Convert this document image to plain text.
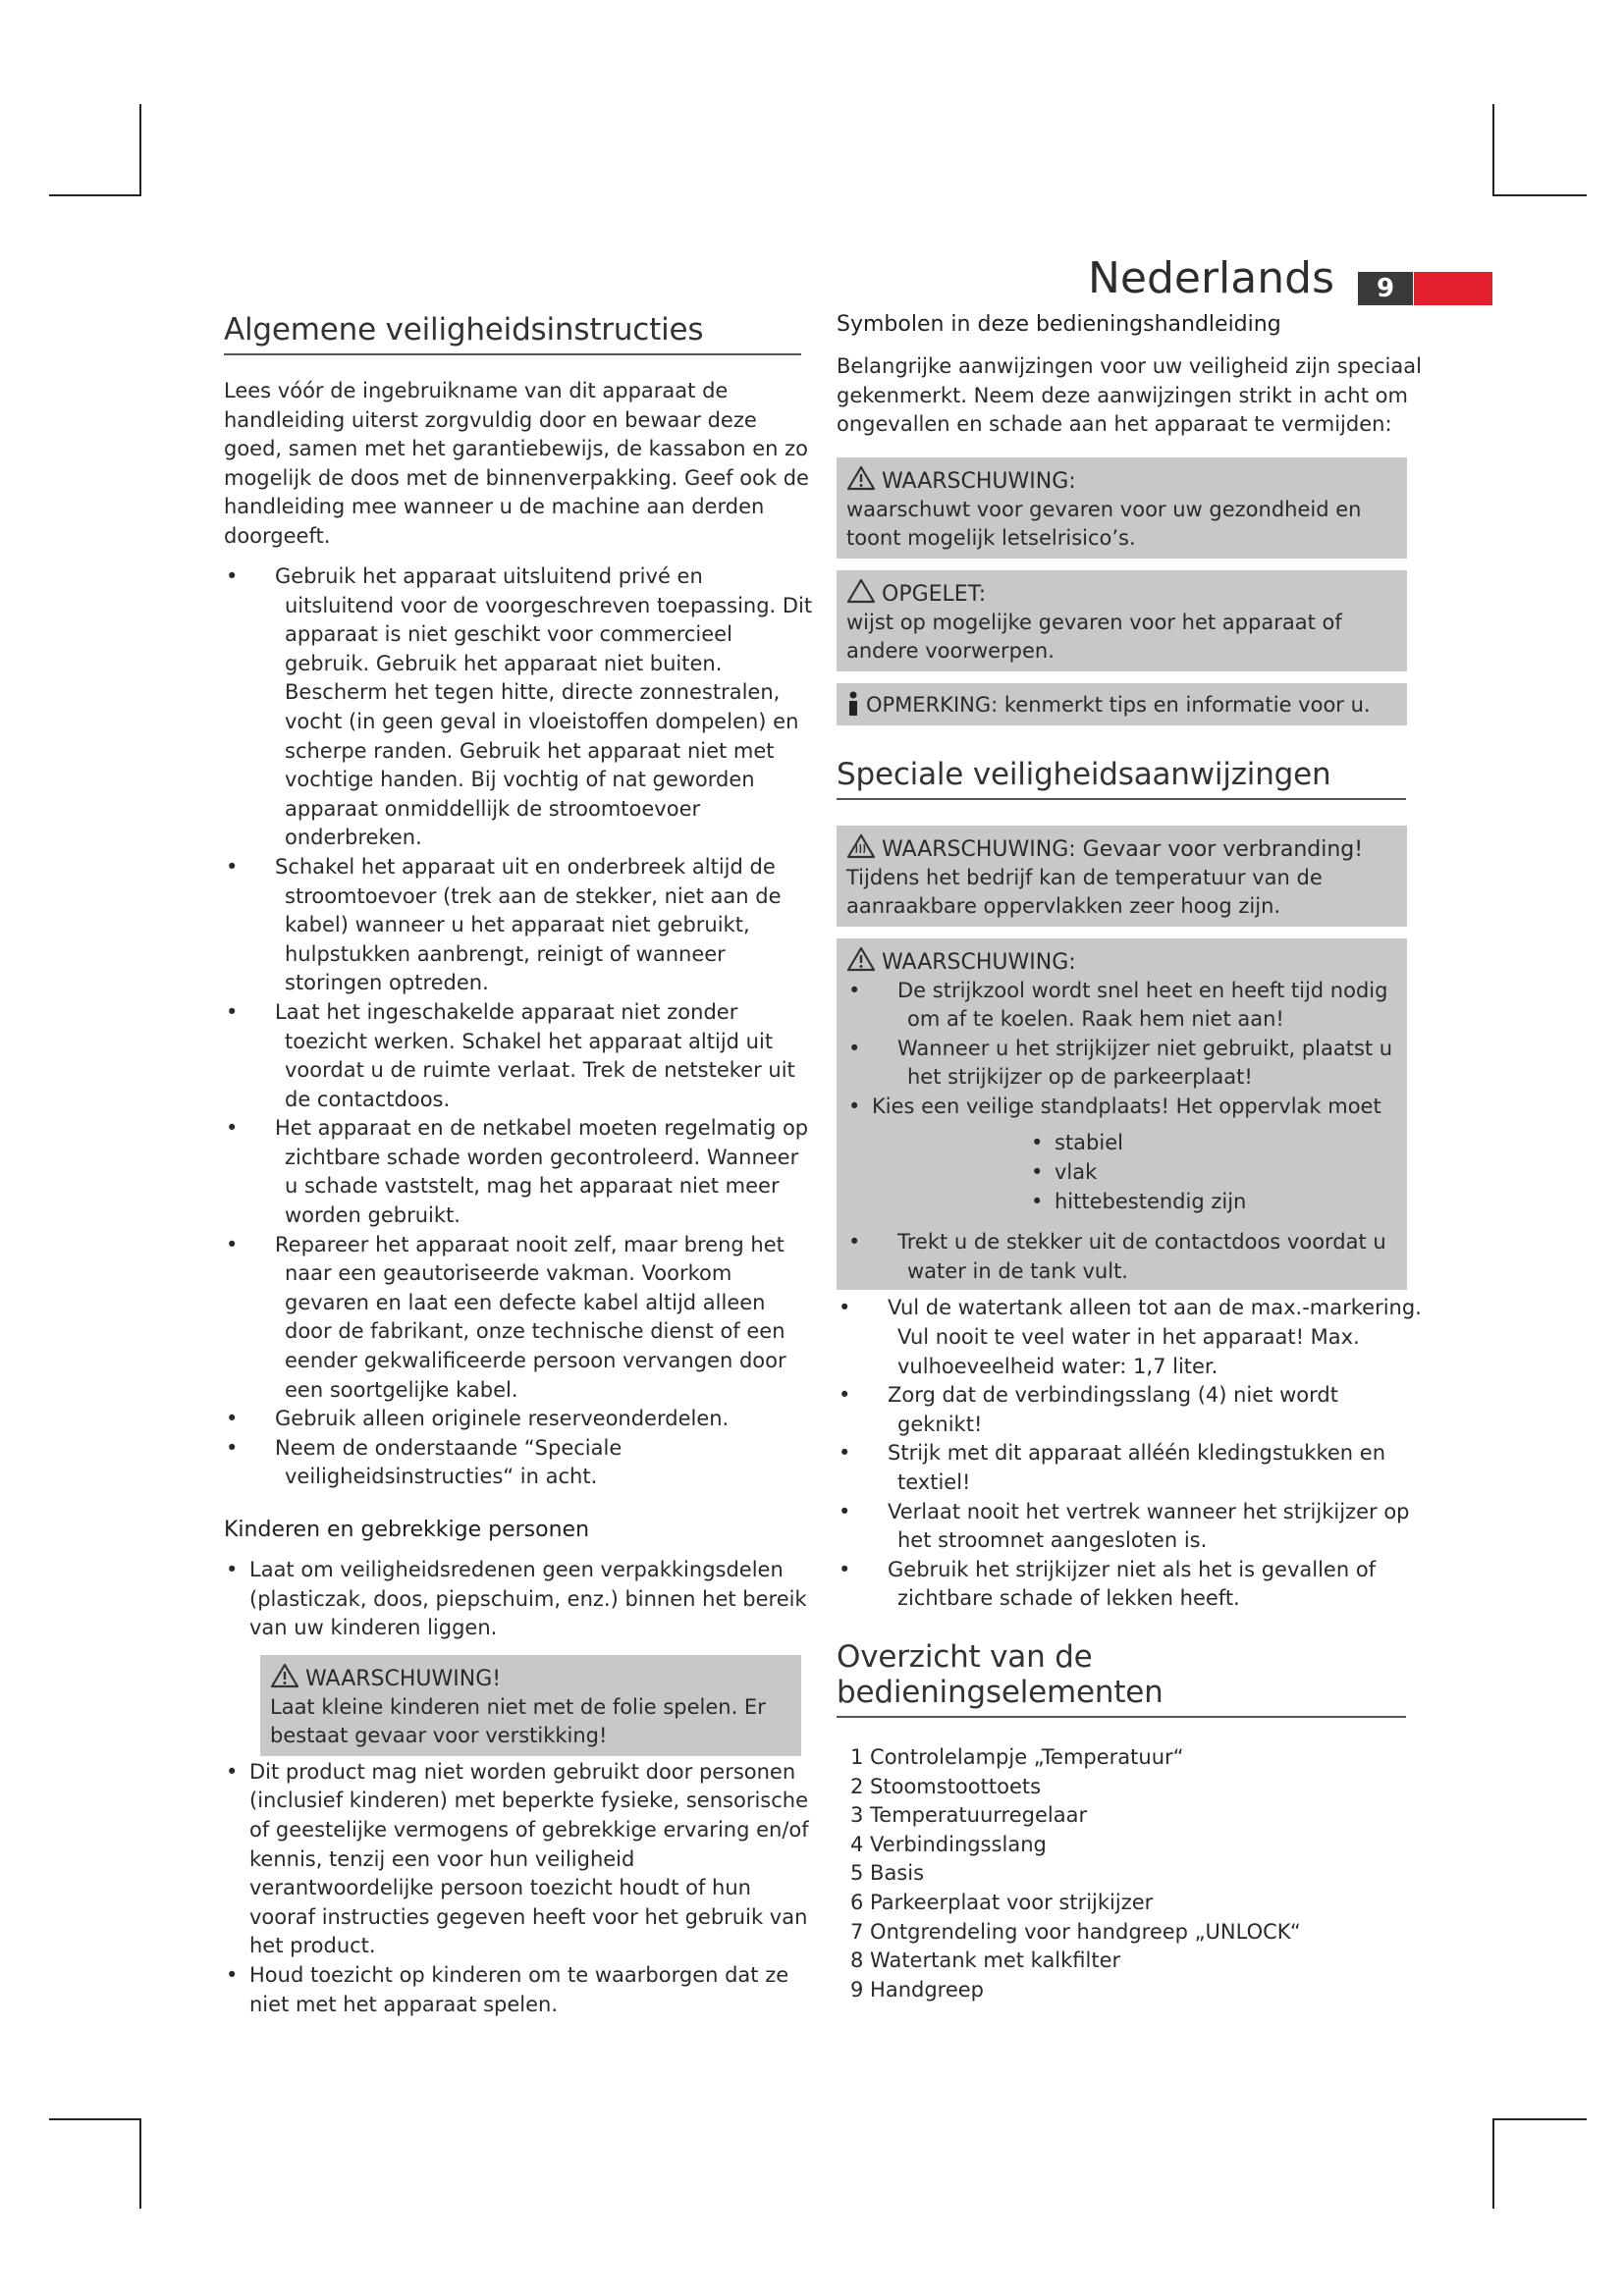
Nederlands	9
Algemene veiligheidsinstructies

Lees vóór de ingebruikname van dit apparaat de handleiding uiterst zorgvuldig door en bewaar deze goed, samen met het garantiebewijs, de kassabon en zo mogelijk de doos met de binnenverpakking. Geef ook de handleiding mee wanneer u de machine aan derden doorgeeft.

•	Gebruik het apparaat uitsluitend privé en uitsluitend voor de voorgeschreven toepassing. Dit apparaat is niet geschikt voor commercieel gebruik. Gebruik het apparaat niet buiten. Bescherm het tegen hitte, directe zonnestralen, vocht (in geen geval in vloeistoffen dompelen) en scherpe randen. Gebruik het apparaat niet met vochtige handen. Bij vochtig of nat geworden apparaat onmiddellijk de stroomtoevoer onderbreken.
•	Schakel het apparaat uit en onderbreek altijd de stroomtoevoer (trek aan de stekker, niet aan de kabel) wanneer u het apparaat niet gebruikt, hulpstukken aanbrengt, reinigt of wanneer storingen optreden.
•	Laat het ingeschakelde apparaat niet zonder toezicht werken. Schakel het apparaat altijd uit voordat u de ruimte verlaat. Trek de netsteker uit de contactdoos.
•	Het apparaat en de netkabel moeten regelmatig op zichtbare schade worden gecontroleerd. Wanneer u schade vaststelt, mag het apparaat niet meer worden gebruikt.
•	Repareer het apparaat nooit zelf, maar breng het naar een geautoriseerde vakman. Voorkom gevaren en laat een defecte kabel altijd alleen door de fabrikant, onze technische dienst of een eender gekwalificeerde persoon vervangen door een soortgelijke kabel.
•	Gebruik alleen originele reserveonderdelen.
•	Neem de onderstaande “Speciale veiligheidsinstructies“ in acht.
Kinderen en gebrekkige personen
• Laat om veiligheidsredenen geen verpakkingsdelen (plasticzak, doos, piepschuim, enz.) binnen het bereik van uw kinderen liggen.

WAARSCHUWING!

Laat kleine kinderen niet met de folie spelen. Er bestaat gevaar voor verstikking!

• Dit product mag niet worden gebruikt door personen (inclusief kinderen) met beperkte fysieke, sensorische of geestelijke vermogens of gebrekkige ervaring en/of kennis, tenzij een voor hun veiligheid verantwoordelijke persoon toezicht houdt of hun vooraf instructies gegeven heeft voor het gebruik van het product.
• Houd toezicht op kinderen om te waarborgen dat ze niet met het apparaat spelen.
Symbolen in deze bedieningshandleiding

Belangrijke aanwijzingen voor uw veiligheid zijn speciaal gekenmerkt. Neem deze aanwijzingen strikt in acht om ongevallen en schade aan het apparaat te vermijden:

WAARSCHUWING:

waarschuwt voor gevaren voor uw gezondheid en toont mogelijk letselrisico’s.

OPGELET:

wijst op mogelijke gevaren voor het apparaat of andere voorwerpen.

OPMERKING: kenmerkt tips en informatie voor u.

Speciale veiligheidsaanwijzingen

WAARSCHUWING: Gevaar voor verbranding!

Tijdens het bedrijf kan de temperatuur van de aanraakbare oppervlakken zeer hoog zijn.

WAARSCHUWING:

•	De strijkzool wordt snel heet en heeft tijd nodig om af te koelen. Raak hem niet aan!
•	Wanneer u het strijkijzer niet gebruikt, plaatst u het strijkijzer op de parkeerplaat!
• Kies een veilige standplaats! Het oppervlak moet
• stabiel
• vlak
• hittebestendig zijn
•	Trekt u de stekker uit de contactdoos voordat u water in de tank vult.
•	Vul de watertank alleen tot aan de max.-markering. Vul nooit te veel water in het apparaat! Max. vulhoeveelheid water: 1,7 liter.
•	Zorg dat de verbindingsslang (4) niet wordt geknikt!
•	Strijk met dit apparaat alléén kledingstukken en textiel!
•	Verlaat nooit het vertrek wanneer het strijkijzer op het stroomnet aangesloten is.
•	Gebruik het strijkijzer niet als het is gevallen of zichtbare schade of lekken heeft.
Overzicht van de bedieningselementen
1 Controlelampje „Temperatuur“
2 Stoomstoottoets
3 Temperatuurregelaar
4 Verbindingsslang
5 Basis
6 Parkeerplaat voor strijkijzer
7 Ontgrendeling voor handgreep „UNLOCK“
8 Watertank met kalkfilter
9 Handgreep
